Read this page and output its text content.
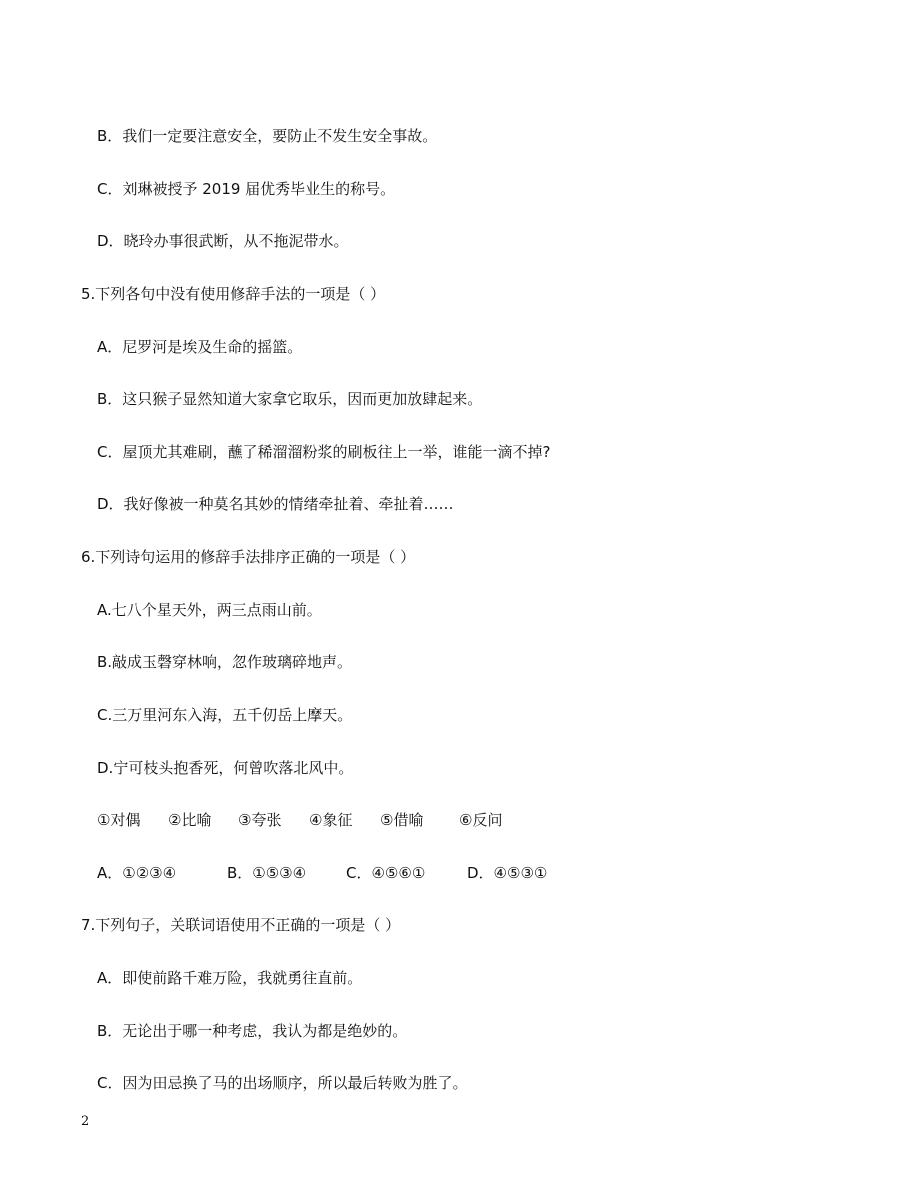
B．我们一定要注意安全，要防止不发生安全事故。
C．刘琳被授予 2019 届优秀毕业生的称号。
D．晓玲办事很武断，从不拖泥带水。
5.下列各句中没有使用修辞手法的一项是（ ）
A．尼罗河是埃及生命的摇篮。
B．这只猴子显然知道大家拿它取乐，因而更加放肆起来。
C．屋顶尤其难刷，蘸了稀溜溜粉浆的刷板往上一举，谁能一滴不掉?
D．我好像被一种莫名其妙的情绪牵扯着、牵扯着……
6.下列诗句运用的修辞手法排序正确的一项是（ ）
A.七八个星天外，两三点雨山前。
B.敲成玉磬穿林响，忽作玻璃碎地声。
C.三万里河东入海，五千仞岳上摩天。
D.宁可枝头抱香死，何曾吹落北风中。
①对偶 ②比喻 ③夸张 ④象征 ⑤借喻 ⑥反问
A．①②③④	B．①⑤③④	C．④⑤⑥①	D．④⑤③①
7.下列句子，关联词语使用不正确的一项是（ ）
A．即使前路千难万险，我就勇往直前。
B．无论出于哪一种考虑，我认为都是绝妙的。
C．因为田忌换了马的出场顺序，所以最后转败为胜了。
2
